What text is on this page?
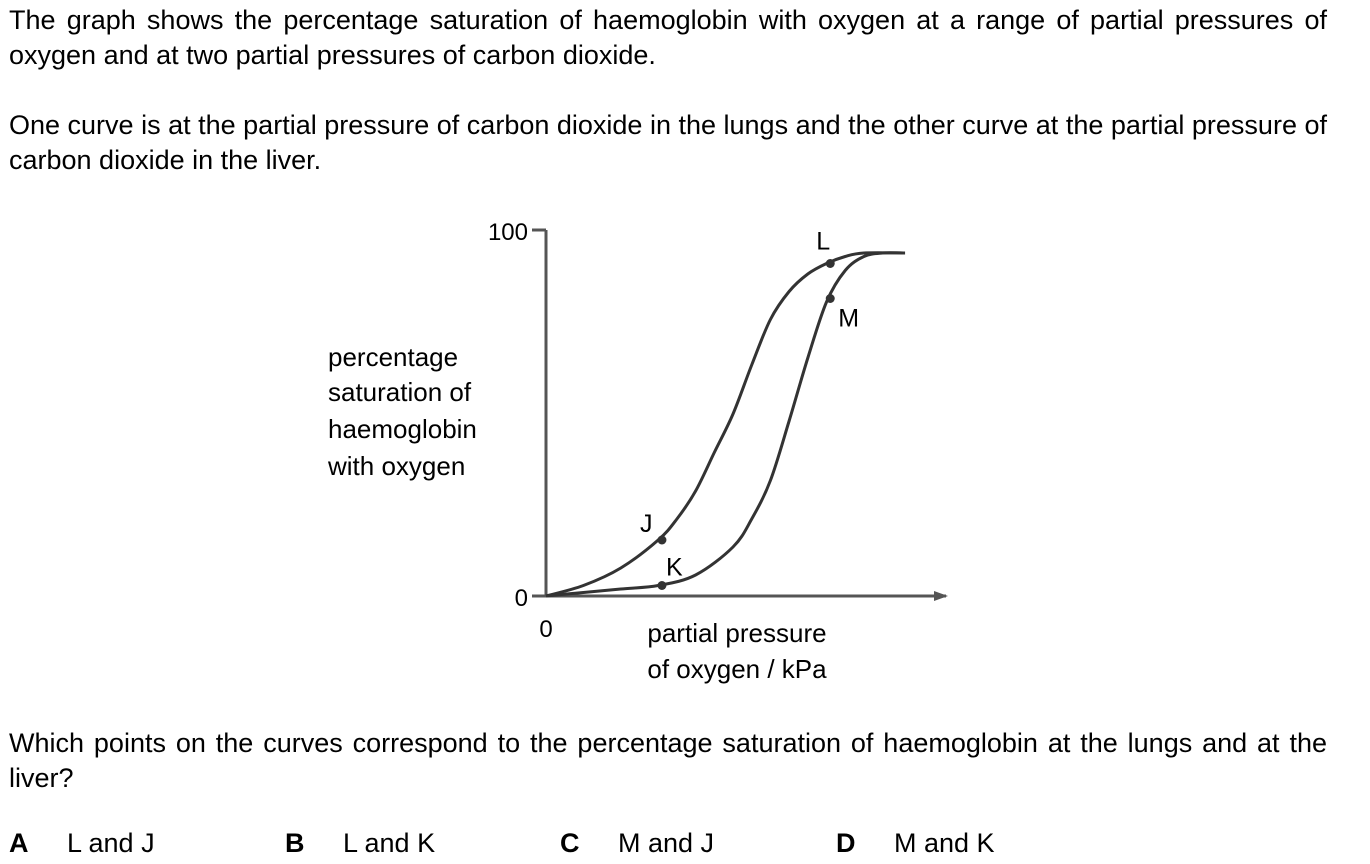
The graph shows the percentage saturation of haemoglobin with oxygen at a range of partial pressures of oxygen and at two partial pressures of carbon dioxide.

One curve is at the partial pressure of carbon dioxide in the lungs and the other curve at the partial pressure of carbon dioxide in the liver.

100
0
0
percentage
saturation of
haemoglobin
with oxygen
partial pressure
of oxygen / kPa
J
K
L
M

Which points on the curves correspond to the percentage saturation of haemoglobin at the lungs and at the liver?

A L and J	B L and K	C M and J	D M and K
